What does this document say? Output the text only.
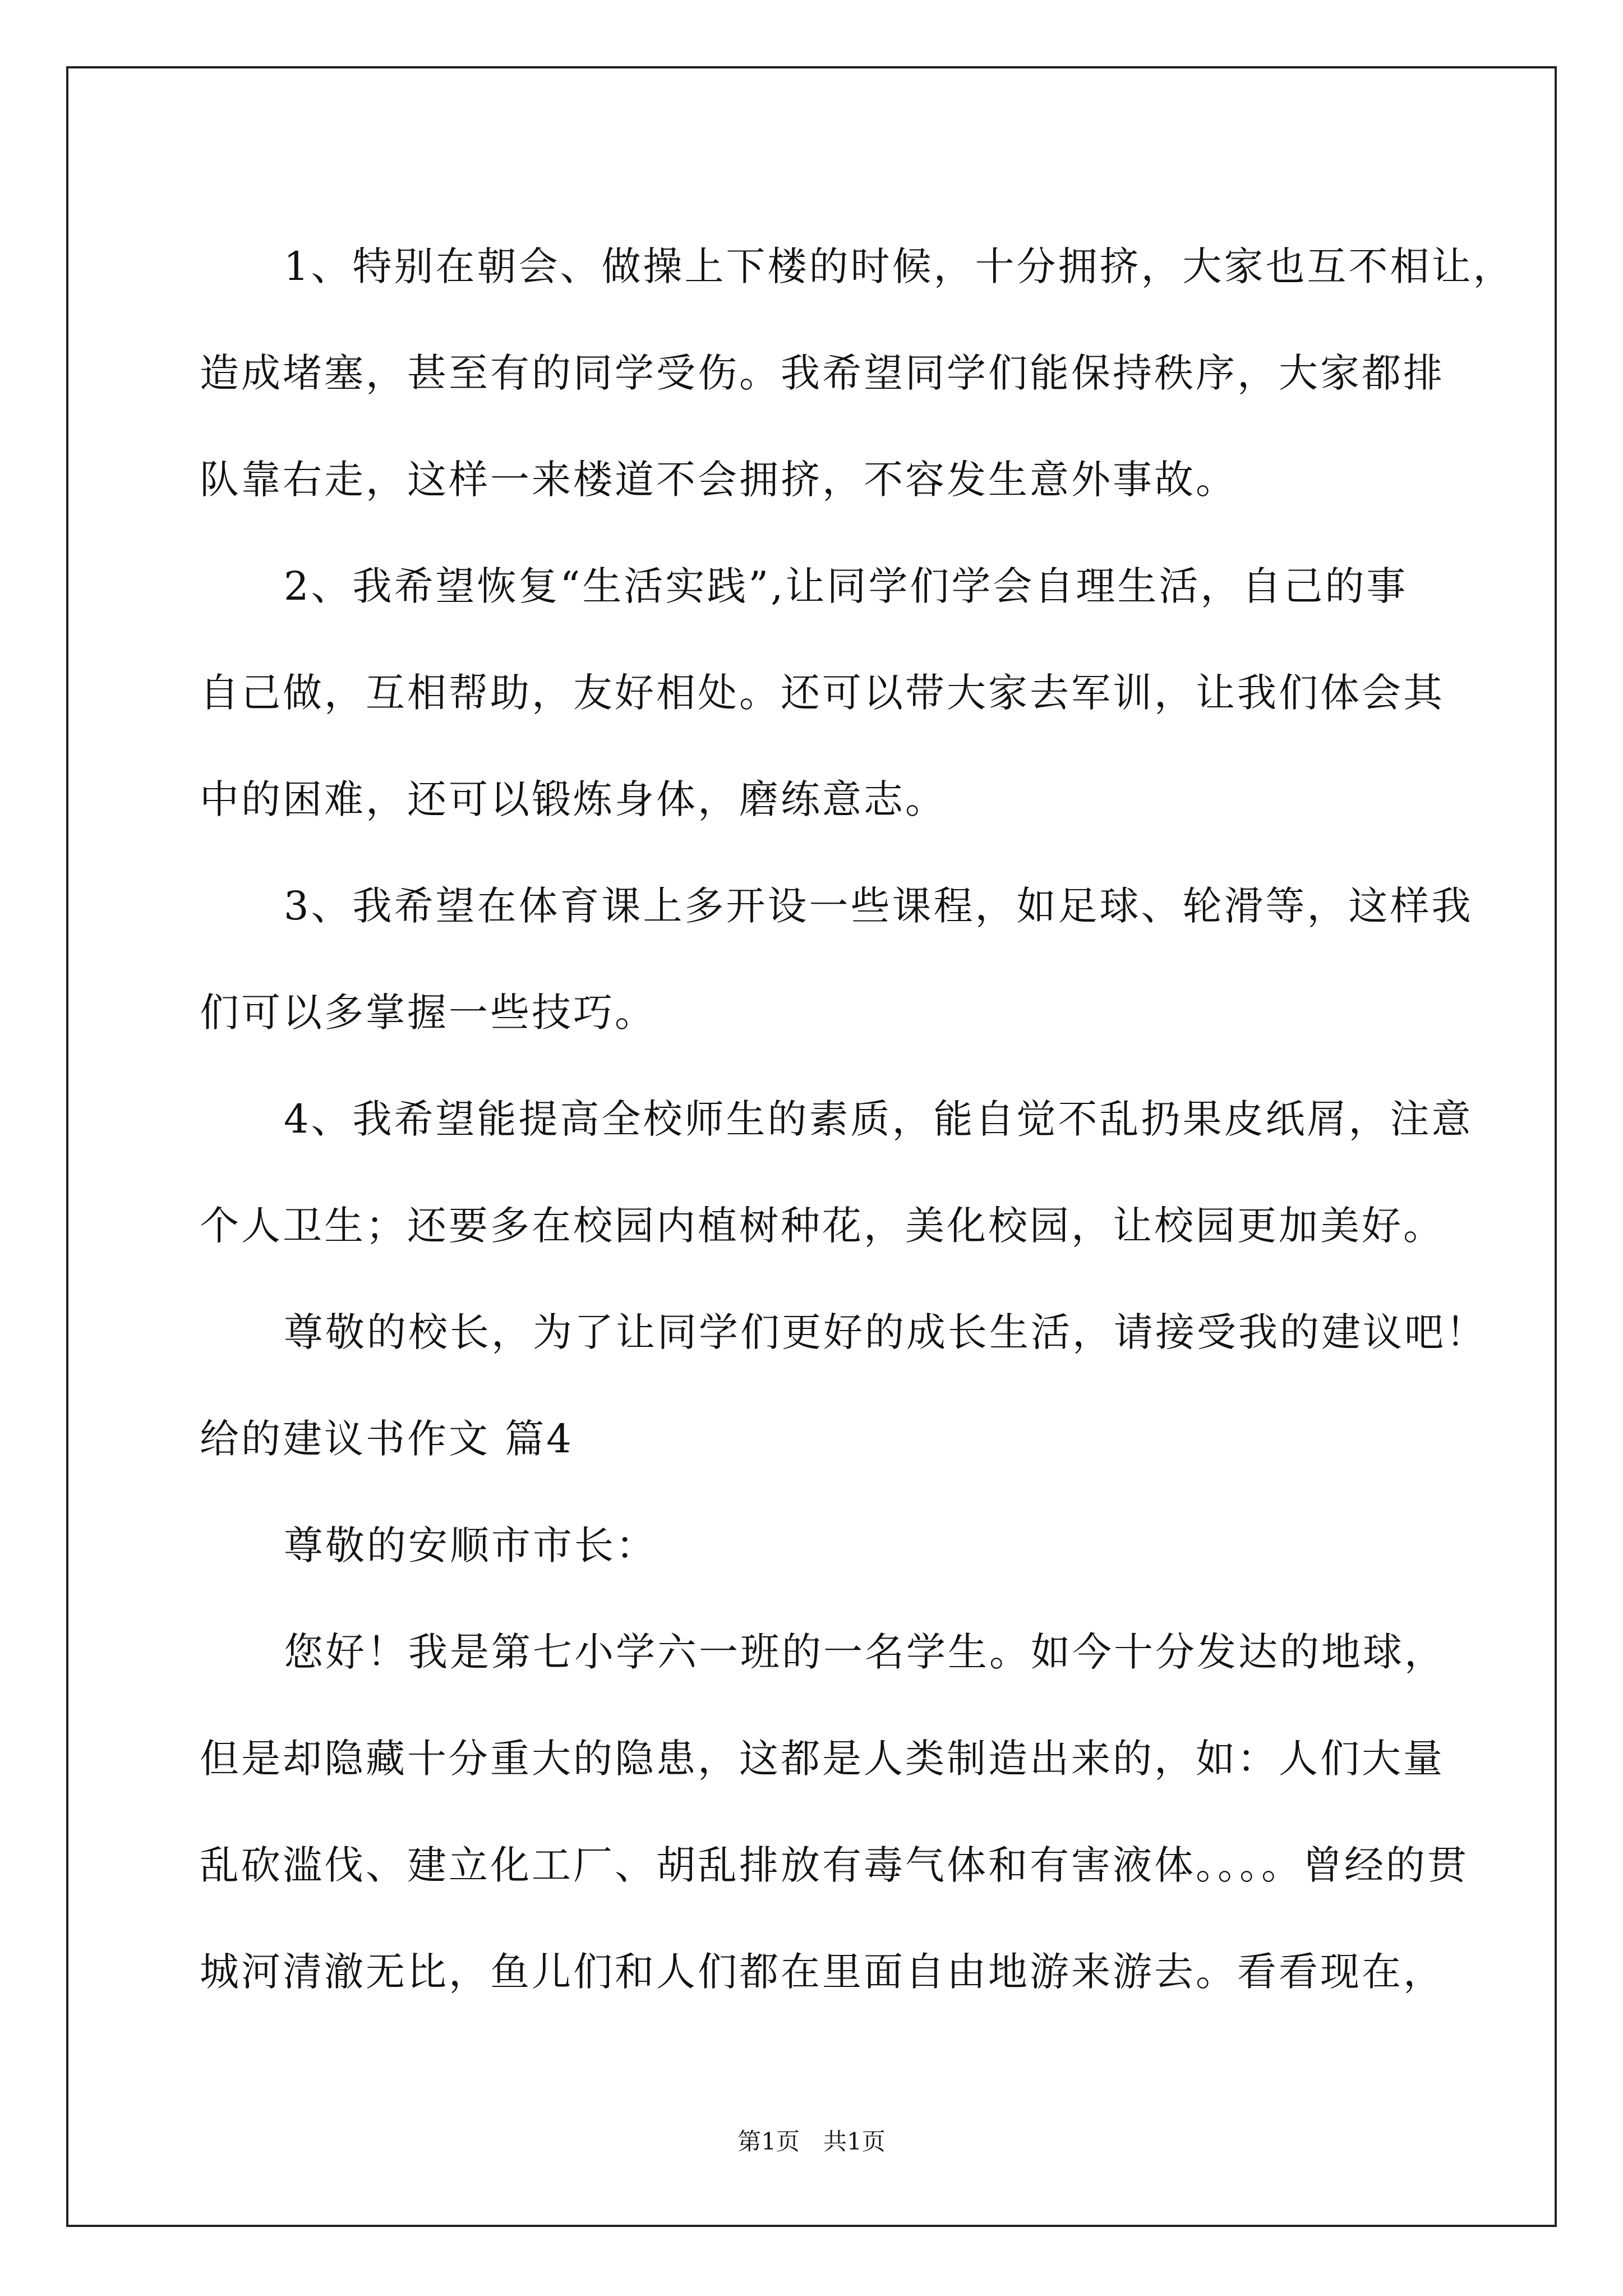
1、特别在朝会、做操上下楼的时候，十分拥挤，大家也互不相让，
造成堵塞，甚至有的同学受伤。我希望同学们能保持秩序，大家都排
队靠右走，这样一来楼道不会拥挤，不容发生意外事故。
2、我希望恢复“生活实践”,让同学们学会自理生活，自己的事
自己做，互相帮助，友好相处。还可以带大家去军训，让我们体会其
中的困难，还可以锻炼身体，磨练意志。
3、我希望在体育课上多开设一些课程，如足球、轮滑等，这样我
们可以多掌握一些技巧。
4、我希望能提高全校师生的素质，能自觉不乱扔果皮纸屑，注意
个人卫生；还要多在校园内植树种花，美化校园，让校园更加美好。
尊敬的校长，为了让同学们更好的成长生活，请接受我的建议吧！
给的建议书作文 篇4
尊敬的安顺市市长：
您好！我是第七小学六一班的一名学生。如今十分发达的地球，
但是却隐藏十分重大的隐患，这都是人类制造出来的，如：人们大量
乱砍滥伐、建立化工厂、胡乱排放有毒气体和有害液体。。。。曾经的贯
城河清澈无比，鱼儿们和人们都在里面自由地游来游去。看看现在，
第1页　共1页
